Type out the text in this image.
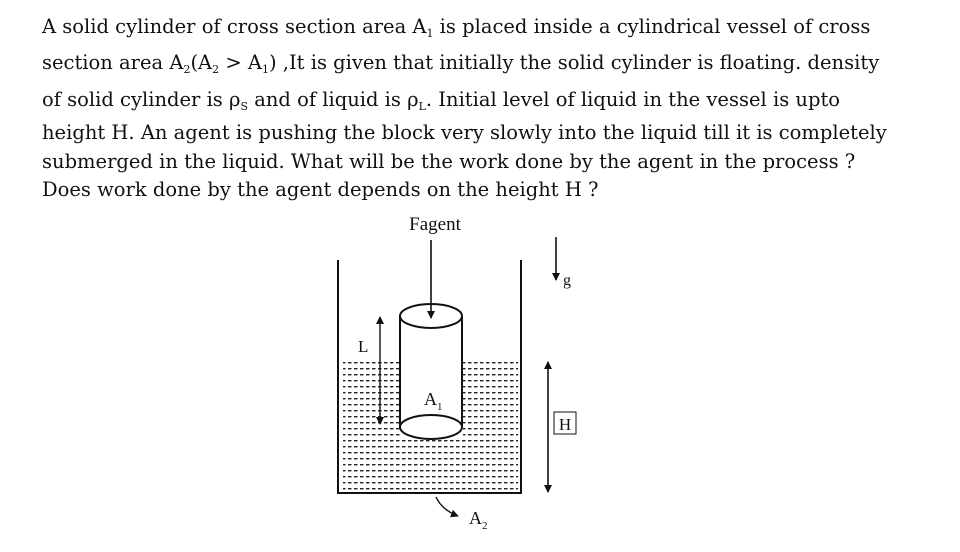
A solid cylinder of cross section area $A_1$ is placed inside a cylindrical vessel of cross
section area $A_2(A_2 > A_1)$ ,It is given that initially the solid cylinder is floating. density
of solid cylinder is $\rho_S$ and of liquid is $\rho_L$. Initial level of liquid in the vessel is upto
height H. An agent is pushing the block very slowly into the liquid till it is completely
submerged in the liquid. What will be the work done by the agent in the process ?
Does work done by the agent depends on the height H ?
Fagent
g
L
$A_1$
H
$A_2$
